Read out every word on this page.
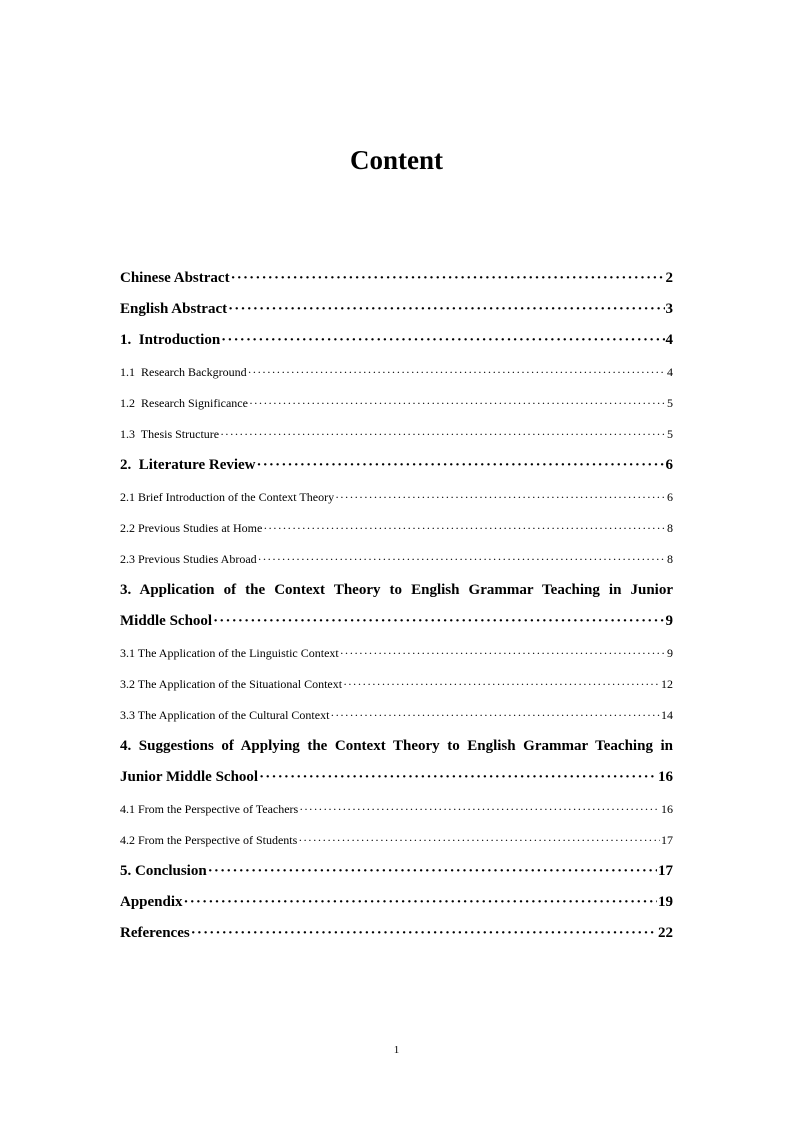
Content
Chinese Abstract ·····	2
English Abstract ·····	3
1.  Introduction ·····	4
1.1  Research Background ·····	4
1.2  Research Significance ·····	5
1.3  Thesis Structure ·····	5
2.  Literature Review ·····	6
2.1 Brief Introduction of the Context Theory ·····	6
2.2 Previous Studies at Home ·····	8
2.3 Previous Studies Abroad ·····	8
3. Application of the Context Theory to English Grammar Teaching in Junior
Middle School ·····	9
3.1 The Application of the Linguistic Context ·····	9
3.2 The Application of the Situational Context ·····	12
3.3 The Application of the Cultural Context ·····	14
4. Suggestions of Applying the Context Theory to English Grammar Teaching in
Junior Middle School ·····	16
4.1 From the Perspective of Teachers ·····	16
4.2 From the Perspective of Students ·····	17
5. Conclusion ·····	17
Appendix ·····	19
References ·····	22
1
